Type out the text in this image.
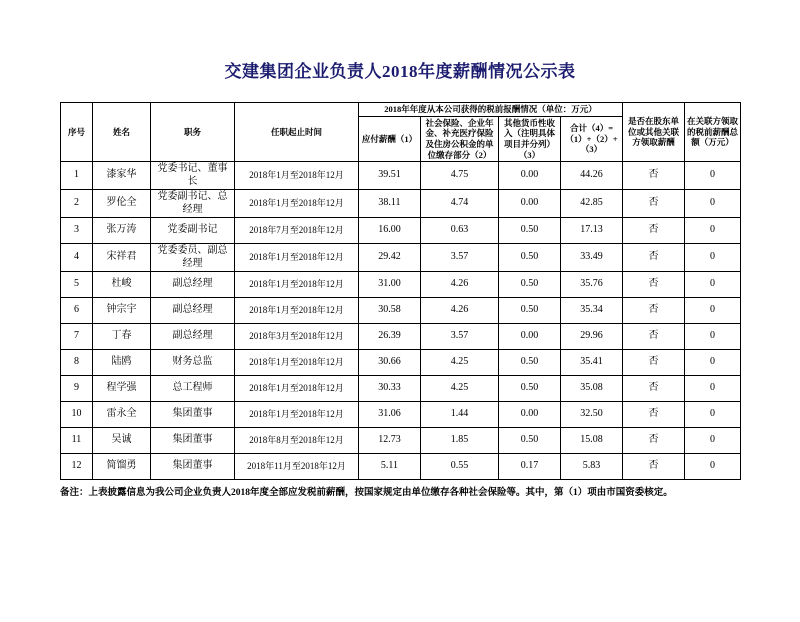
交建集团企业负责人2018年度薪酬情况公示表
序号	姓名	职务	任职起止时间	2018年年度从本公司获得的税前报酬情况（单位：万元）				是否在股东单位或其他关联方领取薪酬	在关联方领取的税前薪酬总额（万元）
				应付薪酬（1）	社会保险、企业年金、补充医疗保险及住房公积金的单位缴存部分（2）	其他货币性收入（注明具体项目并分列）（3）	合计（4）=（1）+（2）+（3）		
1	漆家华	党委书记、董事长	2018年1月至2018年12月	39.51	4.75	0.00	44.26	否	0
2	罗伦全	党委副书记、总经理	2018年1月至2018年12月	38.11	4.74	0.00	42.85	否	0
3	张万涛	党委副书记	2018年7月至2018年12月	16.00	0.63	0.50	17.13	否	0
4	宋祥君	党委委员、副总经理	2018年1月至2018年12月	29.42	3.57	0.50	33.49	否	0
5	杜峻	副总经理	2018年1月至2018年12月	31.00	4.26	0.50	35.76	否	0
6	钟宗宇	副总经理	2018年1月至2018年12月	30.58	4.26	0.50	35.34	否	0
7	丁春	副总经理	2018年3月至2018年12月	26.39	3.57	0.00	29.96	否	0
8	陆鸥	财务总监	2018年1月至2018年12月	30.66	4.25	0.50	35.41	否	0
9	程学强	总工程师	2018年1月至2018年12月	30.33	4.25	0.50	35.08	否	0
10	雷永全	集团董事	2018年1月至2018年12月	31.06	1.44	0.00	32.50	否	0
11	吴诚	集团董事	2018年8月至2018年12月	12.73	1.85	0.50	15.08	否	0
12	简馏勇	集团董事	2018年11月至2018年12月	5.11	0.55	0.17	5.83	否	0
备注：上表披露信息为我公司企业负责人2018年度全部应发税前薪酬，按国家规定由单位缴存各种社会保险等。其中，第（1）项由市国资委核定。
